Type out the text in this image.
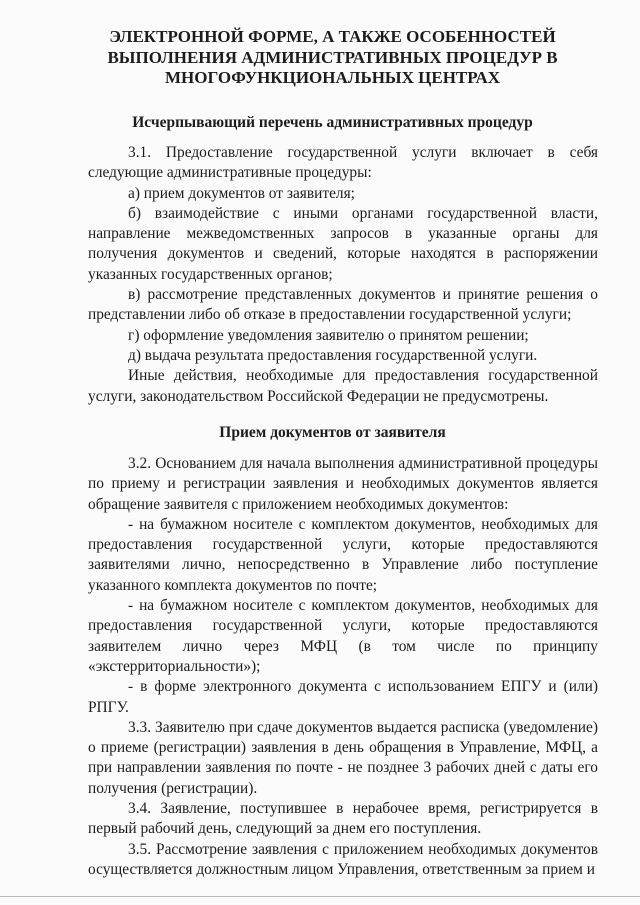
ЭЛЕКТРОННОЙ ФОРМЕ, А ТАКЖЕ ОСОБЕННОСТЕЙ
ВЫПОЛНЕНИЯ АДМИНИСТРАТИВНЫХ ПРОЦЕДУР В
МНОГОФУНКЦИОНАЛЬНЫХ ЦЕНТРАХ
Исчерпывающий перечень административных процедур

3.1. Предоставление государственной услуги включает в себя следующие административные процедуры:

а) прием документов от заявителя;

б) взаимодействие с иными органами государственной власти, направление межведомственных запросов в указанные органы для получения документов и сведений, которые находятся в распоряжении указанных государственных органов;

в) рассмотрение представленных документов и принятие решения о представлении либо об отказе в предоставлении государственной услуги;

г) оформление уведомления заявителю о принятом решении;

д) выдача результата предоставления государственной услуги.

Иные действия, необходимые для предоставления государственной услуги, законодательством Российской Федерации не предусмотрены.

Прием документов от заявителя

3.2. Основанием для начала выполнения административной процедуры по приему и регистрации заявления и необходимых документов является обращение заявителя с приложением необходимых документов:

- на бумажном носителе с комплектом документов, необходимых для предоставления государственной услуги, которые предоставляются заявителями лично, непосредственно в Управление либо поступление указанного комплекта документов по почте;

- на бумажном носителе с комплектом документов, необходимых для предоставления государственной услуги, которые предоставляются заявителем лично через МФЦ (в том числе по принципу «экстерриториальности»);

- в форме электронного документа с использованием ЕПГУ и (или) РПГУ.

3.3. Заявителю при сдаче документов выдается расписка (уведомление) о приеме (регистрации) заявления в день обращения в Управление, МФЦ, а при направлении заявления по почте - не позднее 3 рабочих дней с даты его получения (регистрации).

3.4. Заявление, поступившее в нерабочее время, регистрируется в первый рабочий день, следующий за днем его поступления.

3.5. Рассмотрение заявления с приложением необходимых документов осуществляется должностным лицом Управления, ответственным за прием и
